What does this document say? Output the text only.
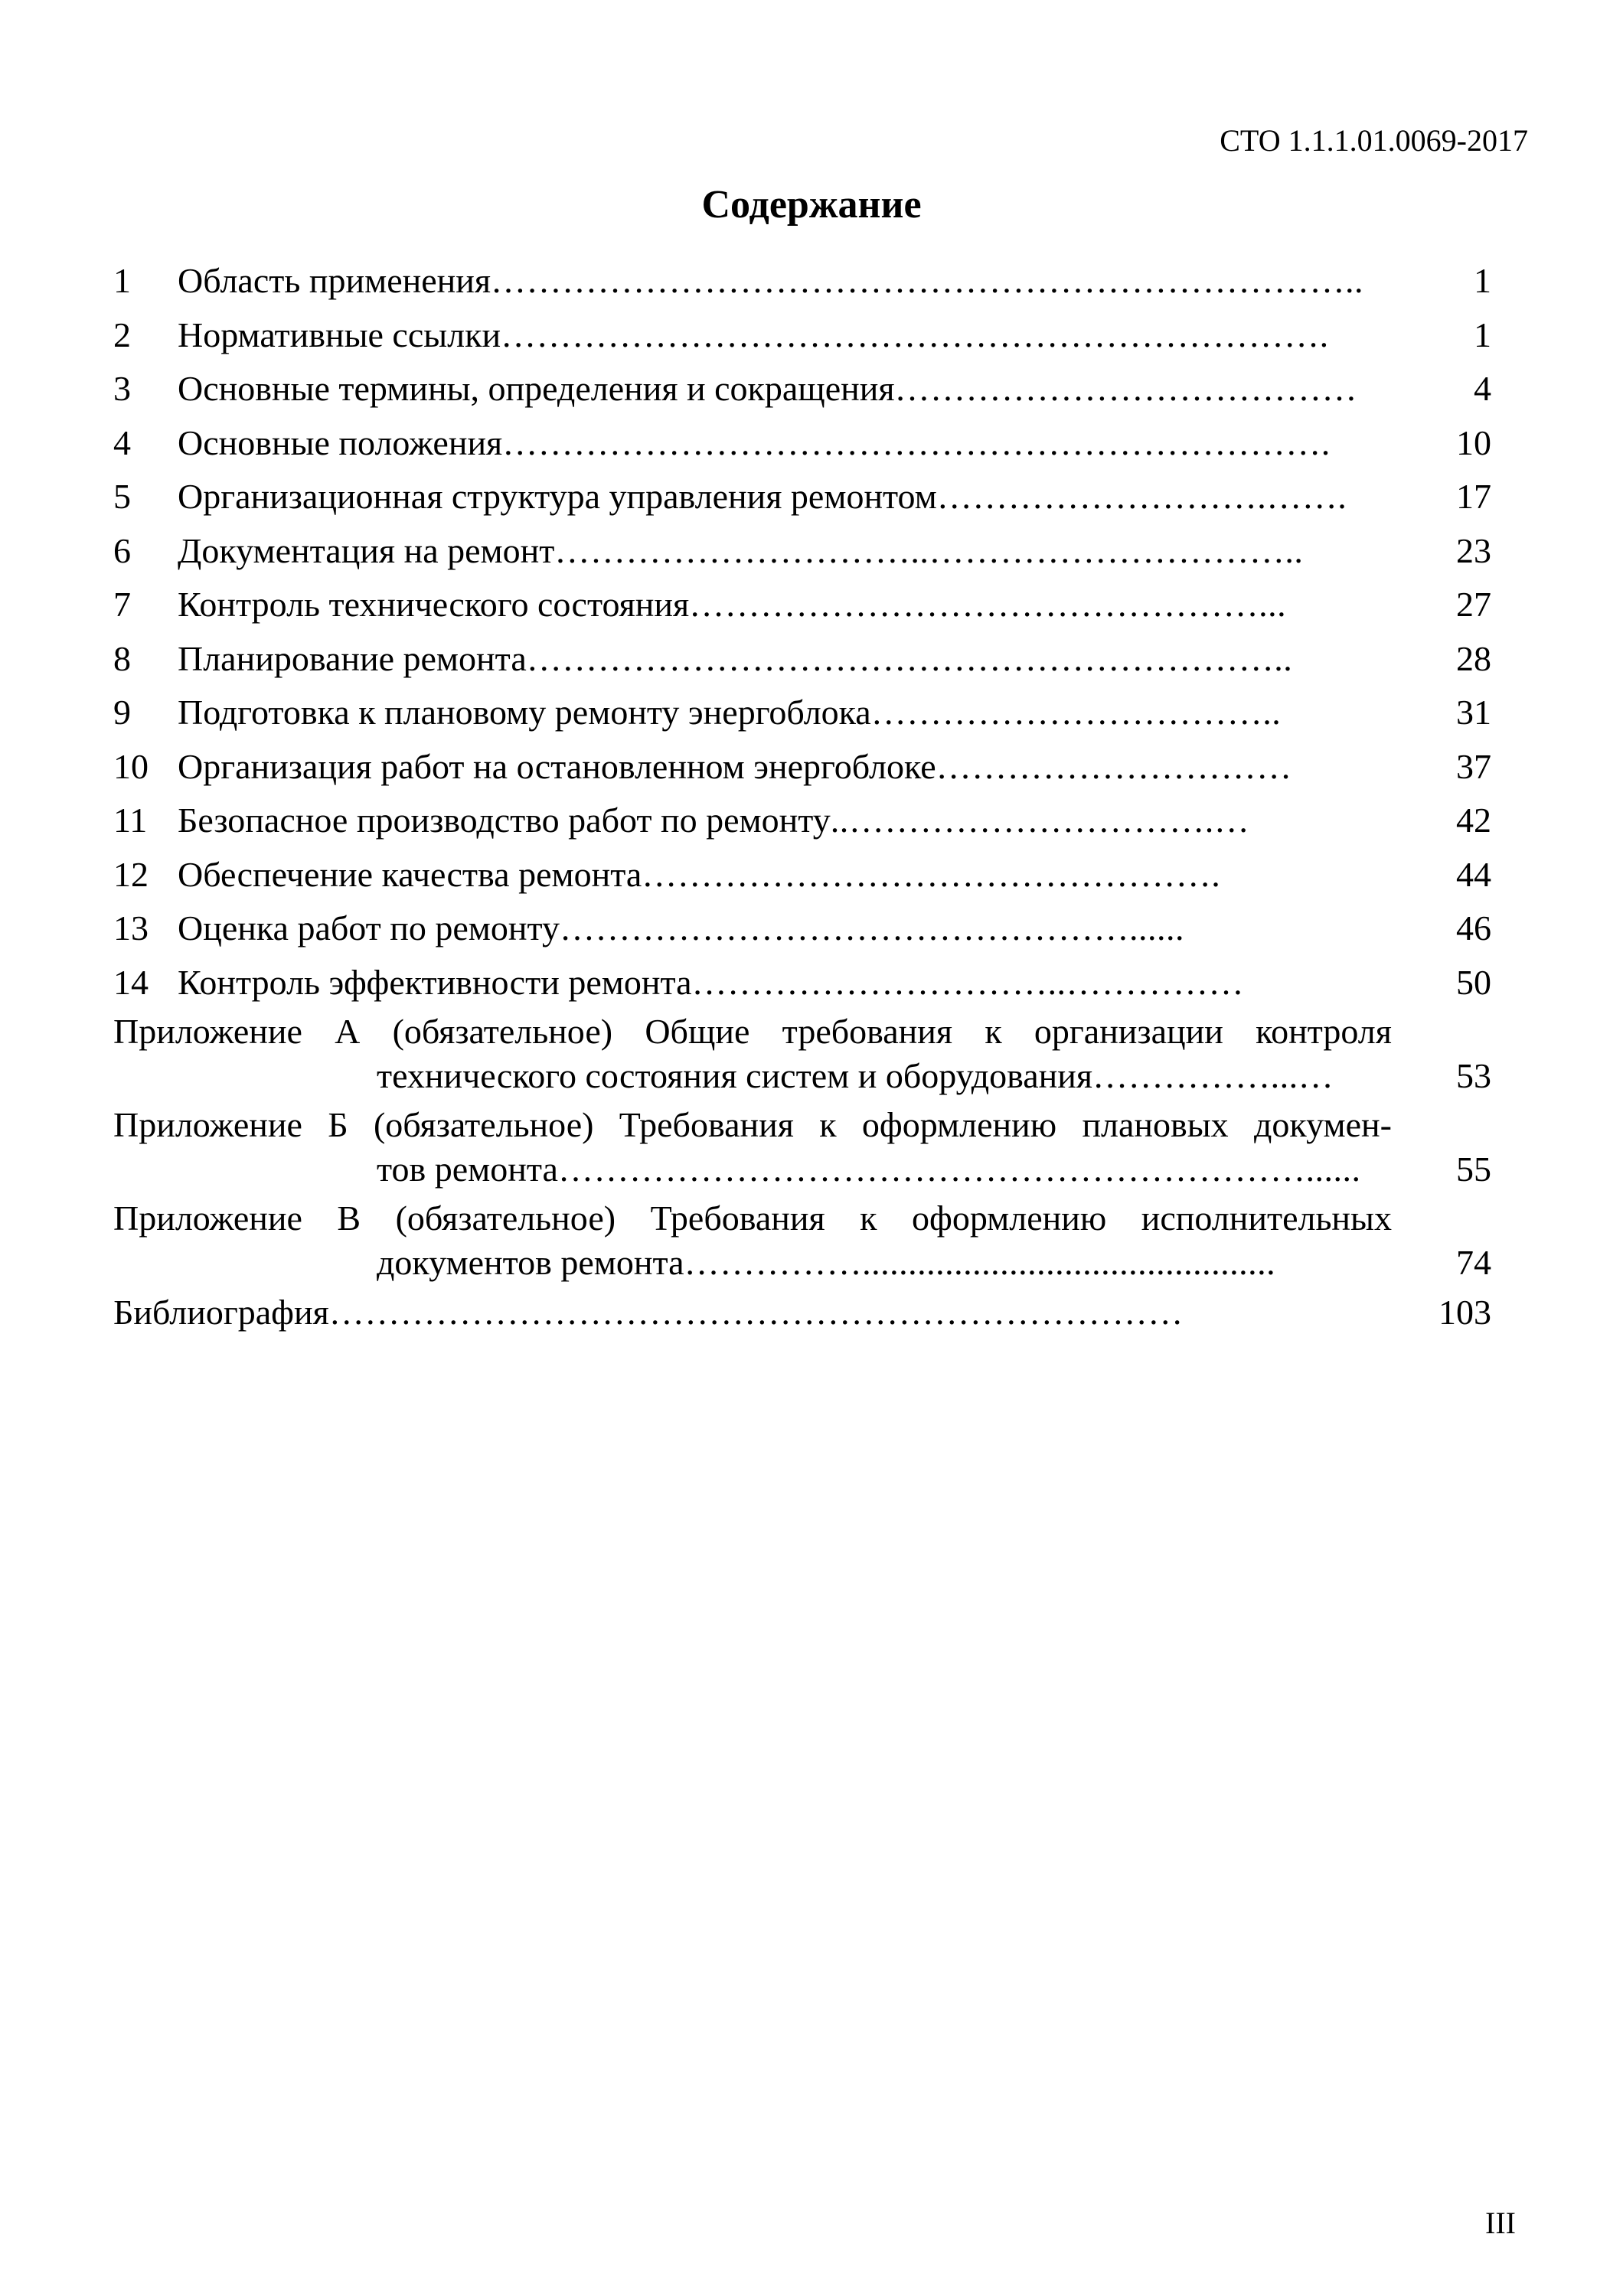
СТО 1.1.1.01.0069-2017
Содержание
1 Область применения………………………………………………………………..	1
2 Нормативные ссылки…………………………………………………………….	1
3 Основные термины, определения и сокращения…………………………………	4
4 Основные положения…………………………………………………………….	10
5 Организационная структура управления ремонтом……………………….…….	17
6 Документация на ремонт…………………………..…………………………..	23
7 Контроль технического состояния…………………………………………...	27
8 Планирование ремонта………………………………………………………..	28
9 Подготовка к плановому ремонту энергоблока……………………………..	31
10 Организация работ на остановленном энергоблоке…………………………	37
11 Безопасное производство работ по ремонту..………………………….…	42
12 Обеспечение качества ремонта………………………………………….	44
13 Оценка работ по ремонту…………………………………………......	46
14 Контроль эффективности ремонта…………………………..……………	50
Приложение А (обязательное) Общие требования к организации контроля
технического состояния систем и оборудования……………...…	53
Приложение Б (обязательное) Требования к оформлению плановых докумен-
тов ремонта………………………………………………………......	55
Приложение В (обязательное) Требования к оформлению исполнительных
документов ремонта…………….............................................	74
Библиография………………………………………………………………	103
III
